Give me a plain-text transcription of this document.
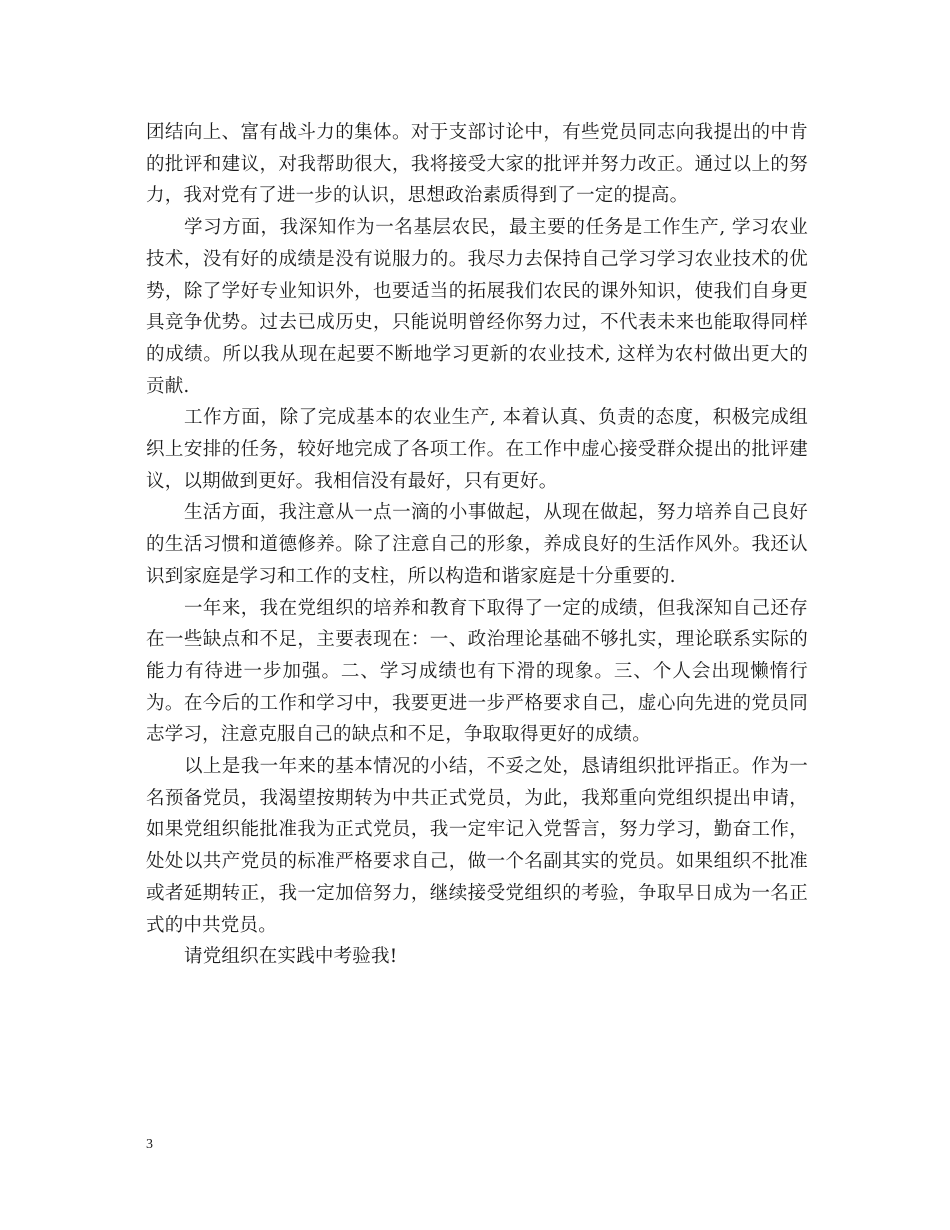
团结向上、富有战斗力的集体。对于支部讨论中，有些党员同志向我提出的中肯的批评和建议，对我帮助很大，我将接受大家的批评并努力改正。通过以上的努力，我对党有了进一步的认识，思想政治素质得到了一定的提高。

学习方面，我深知作为一名基层农民，最主要的任务是工作生产, 学习农业技术，没有好的成绩是没有说服力的。我尽力去保持自己学习学习农业技术的优势，除了学好专业知识外，也要适当的拓展我们农民的课外知识，使我们自身更具竞争优势。过去已成历史，只能说明曾经你努力过，不代表未来也能取得同样的成绩。所以我从现在起要不断地学习更新的农业技术, 这样为农村做出更大的贡献.

工作方面，除了完成基本的农业生产, 本着认真、负责的态度，积极完成组织上安排的任务，较好地完成了各项工作。在工作中虚心接受群众提出的批评建议，以期做到更好。我相信没有最好，只有更好。

生活方面，我注意从一点一滴的小事做起，从现在做起，努力培养自己良好的生活习惯和道德修养。除了注意自己的形象，养成良好的生活作风外。我还认识到家庭是学习和工作的支柱，所以构造和谐家庭是十分重要的.

一年来，我在党组织的培养和教育下取得了一定的成绩，但我深知自己还存在一些缺点和不足，主要表现在：一、政治理论基础不够扎实，理论联系实际的能力有待进一步加强。二、学习成绩也有下滑的现象。三、个人会出现懒惰行为。在今后的工作和学习中，我要更进一步严格要求自己，虚心向先进的党员同志学习，注意克服自己的缺点和不足，争取取得更好的成绩。

以上是我一年来的基本情况的小结，不妥之处，恳请组织批评指正。作为一名预备党员，我渴望按期转为中共正式党员，为此，我郑重向党组织提出申请，如果党组织能批准我为正式党员，我一定牢记入党誓言，努力学习，勤奋工作，处处以共产党员的标准严格要求自己，做一个名副其实的党员。如果组织不批准或者延期转正，我一定加倍努力，继续接受党组织的考验，争取早日成为一名正式的中共党员。

请党组织在实践中考验我!

3
